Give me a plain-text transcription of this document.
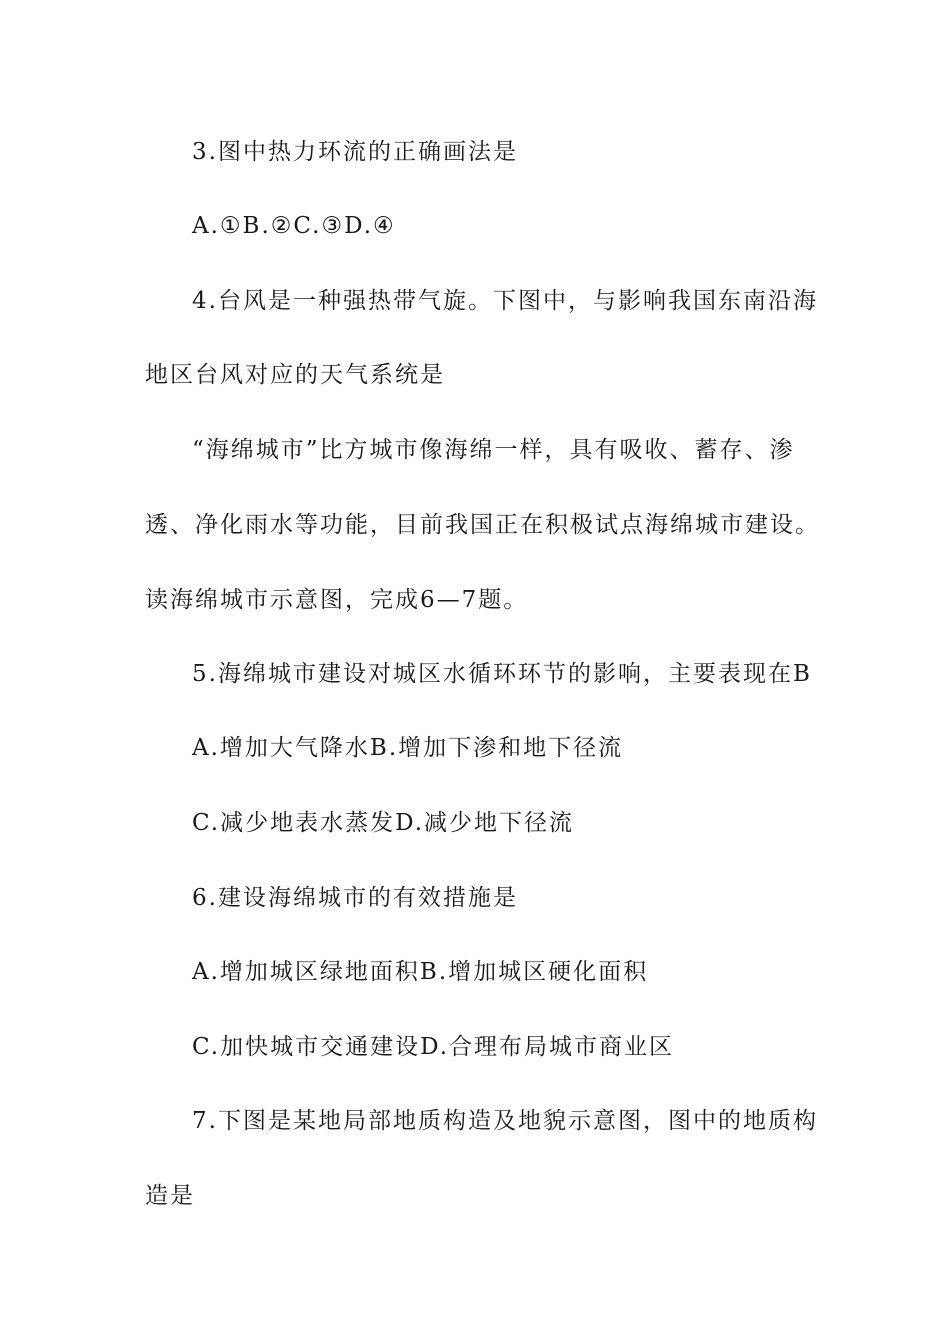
3.图中热力环流的正确画法是
A.①B.②C.③D.④
4.台风是一种强热带气旋。下图中，与影响我国东南沿海
地区台风对应的天气系统是
“海绵城市”比方城市像海绵一样，具有吸收、蓄存、渗
透、净化雨水等功能，目前我国正在积极试点海绵城市建设。
读海绵城市示意图，完成6—7题。
5.海绵城市建设对城区水循环环节的影响，主要表现在B
A.增加大气降水B.增加下渗和地下径流
C.减少地表水蒸发D.减少地下径流
6.建设海绵城市的有效措施是
A.增加城区绿地面积B.增加城区硬化面积
C.加快城市交通建设D.合理布局城市商业区
7.下图是某地局部地质构造及地貌示意图，图中的地质构
造是
